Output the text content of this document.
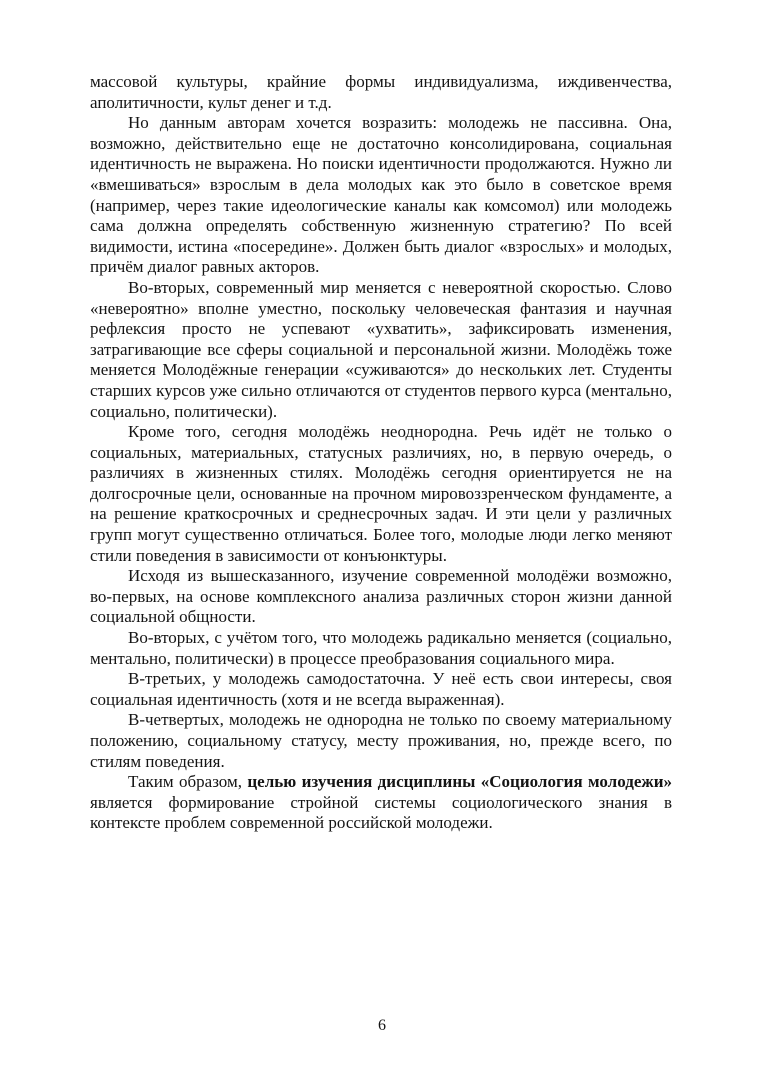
массовой культуры, крайние формы индивидуализма, иждивенчества, аполитичности, культ денег и т.д.

Но данным авторам хочется возразить: молодежь не пассивна. Она, возможно, действительно еще не достаточно консолидирована, социальная идентичность не выражена. Но поиски идентичности продолжаются. Нужно ли «вмешиваться» взрослым в дела молодых как это было в советское время (например, через такие идеологические каналы как комсомол) или молодежь сама должна определять собственную жизненную стратегию? По всей видимости, истина «посередине». Должен быть диалог «взрослых» и молодых, причём диалог равных акторов.

Во-вторых, современный мир меняется с невероятной скоростью. Слово «невероятно» вполне уместно, поскольку человеческая фантазия и научная рефлексия просто не успевают «ухватить», зафиксировать изменения, затрагивающие все сферы социальной и персональной жизни. Молодёжь тоже меняется Молодёжные генерации «суживаются» до нескольких лет. Студенты старших курсов уже сильно отличаются от студентов первого курса (ментально, социально, политически).

Кроме того, сегодня молодёжь неоднородна. Речь идёт не только о социальных, материальных, статусных различиях, но, в первую очередь, о различиях в жизненных стилях. Молодёжь сегодня ориентируется не на долгосрочные цели, основанные на прочном мировоззренческом фундаменте, а на решение краткосрочных и среднесрочных задач. И эти цели у различных групп могут существенно отличаться. Более того, молодые люди легко меняют стили поведения в зависимости от конъюнктуры.

Исходя из вышесказанного, изучение современной молодёжи возможно, во-первых, на основе комплексного анализа различных сторон жизни данной социальной общности.

Во-вторых, с учётом того, что молодежь радикально меняется (социально, ментально, политически) в процессе преобразования социального мира.

В-третьих, у молодежь самодостаточна. У неё есть свои интересы, своя социальная идентичность (хотя и не всегда выраженная).

В-четвертых, молодежь не однородна не только по своему материальному положению, социальному статусу, месту проживания, но, прежде всего, по стилям поведения.

Таким образом, целью изучения дисциплины «Социология молодежи» является формирование стройной системы социологического знания в контексте проблем современной российской молодежи.

6
